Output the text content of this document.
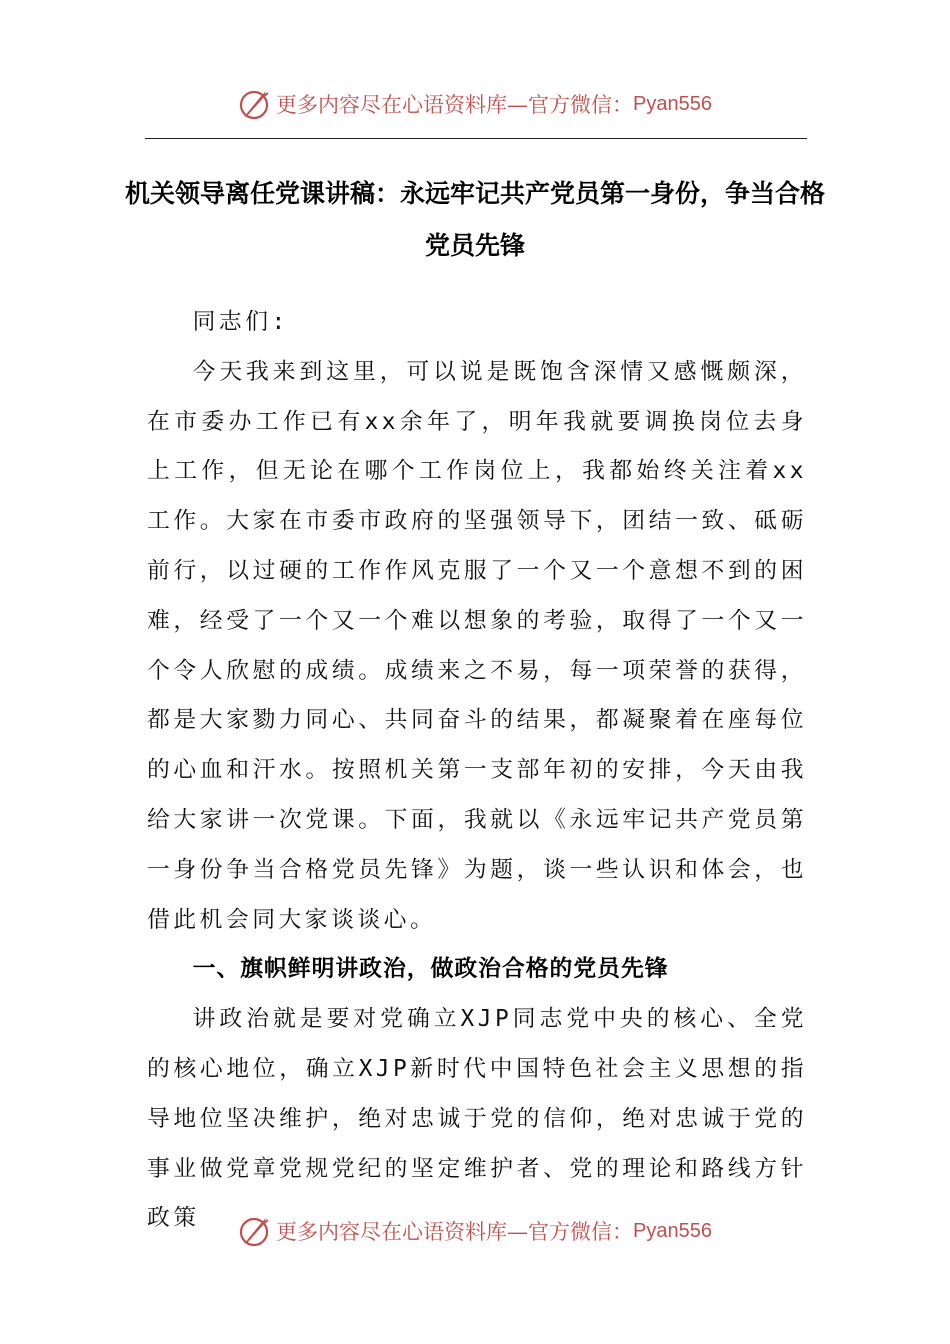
更多内容尽在心语资料库—官方微信： Pyan556
机关领导离任党课讲稿：永远牢记共产党员第一身份，争当合格党员先锋

同志们:

今天我来到这里，可以说是既饱含深情又感慨颇深，在市委办工作已有xx余年了，明年我就要调换岗位去身上工作，但无论在哪个工作岗位上，我都始终关注着xx工作。大家在市委市政府的坚强领导下，团结一致、砥砺前行，以过硬的工作作风克服了一个又一个意想不到的困难，经受了一个又一个难以想象的考验，取得了一个又一个令人欣慰的成绩。成绩来之不易，每一项荣誉的获得，都是大家勠力同心、共同奋斗的结果，都凝聚着在座每位的心血和汗水。按照机关第一支部年初的安排，今天由我给大家讲一次党课。下面，我就以《永远牢记共产党员第一身份争当合格党员先锋》为题，谈一些认识和体会，也借此机会同大家谈谈心。

一、旗帜鲜明讲政治，做政治合格的党员先锋

讲政治就是要对党确立XJP同志党中央的核心、全党的核心地位，确立XJP新时代中国特色社会主义思想的指导地位坚决维护，绝对忠诚于党的信仰，绝对忠诚于党的事业做党章党规党纪的坚定维护者、党的理论和路线方针政策

更多内容尽在心语资料库—官方微信： Pyan556
